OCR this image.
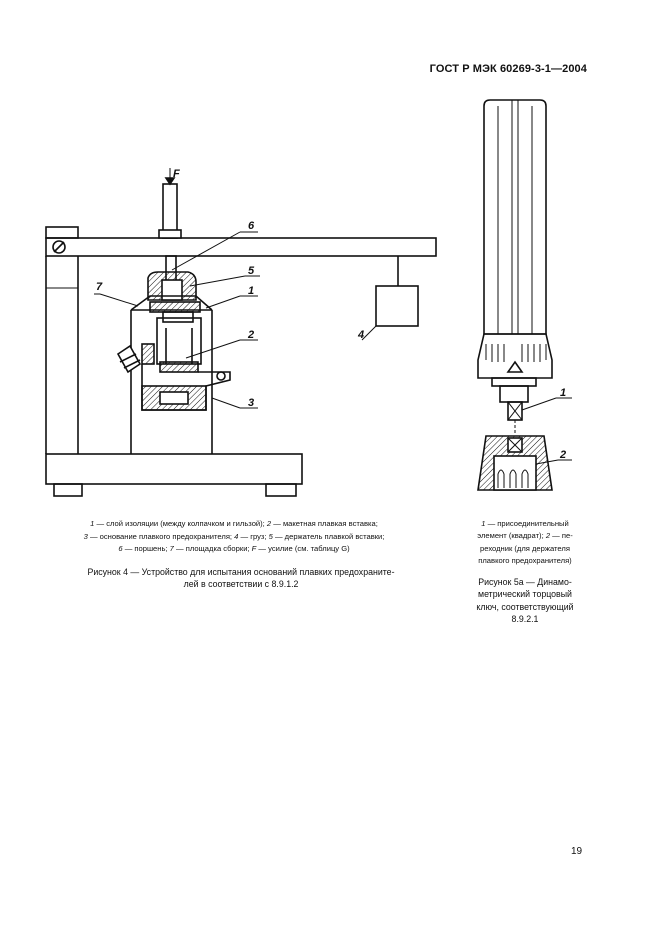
ГОСТ Р МЭК 60269-3-1—2004
F
6
5
1
2
3
7
4
1
2
1 — слой изоляции (между колпачком и гильзой); 2 — макетная плавкая вставка;
3 — основание плавкого предохранителя; 4 — груз; 5 — держатель плавкой вставки;
6 — поршень; 7 — площадка сборки; F — усилие (см. таблицу G)
Рисунок 4 — Устройство для испытания оснований плавких предохраните-
лей в соответствии с 8.9.1.2
1 — присоединительный
элемент (квадрат); 2 — пе-
реходник (для держателя
плавкого предохранителя)
Рисунок 5а — Динамо-
метрический торцовый
ключ, соответствующий
8.9.2.1
19
